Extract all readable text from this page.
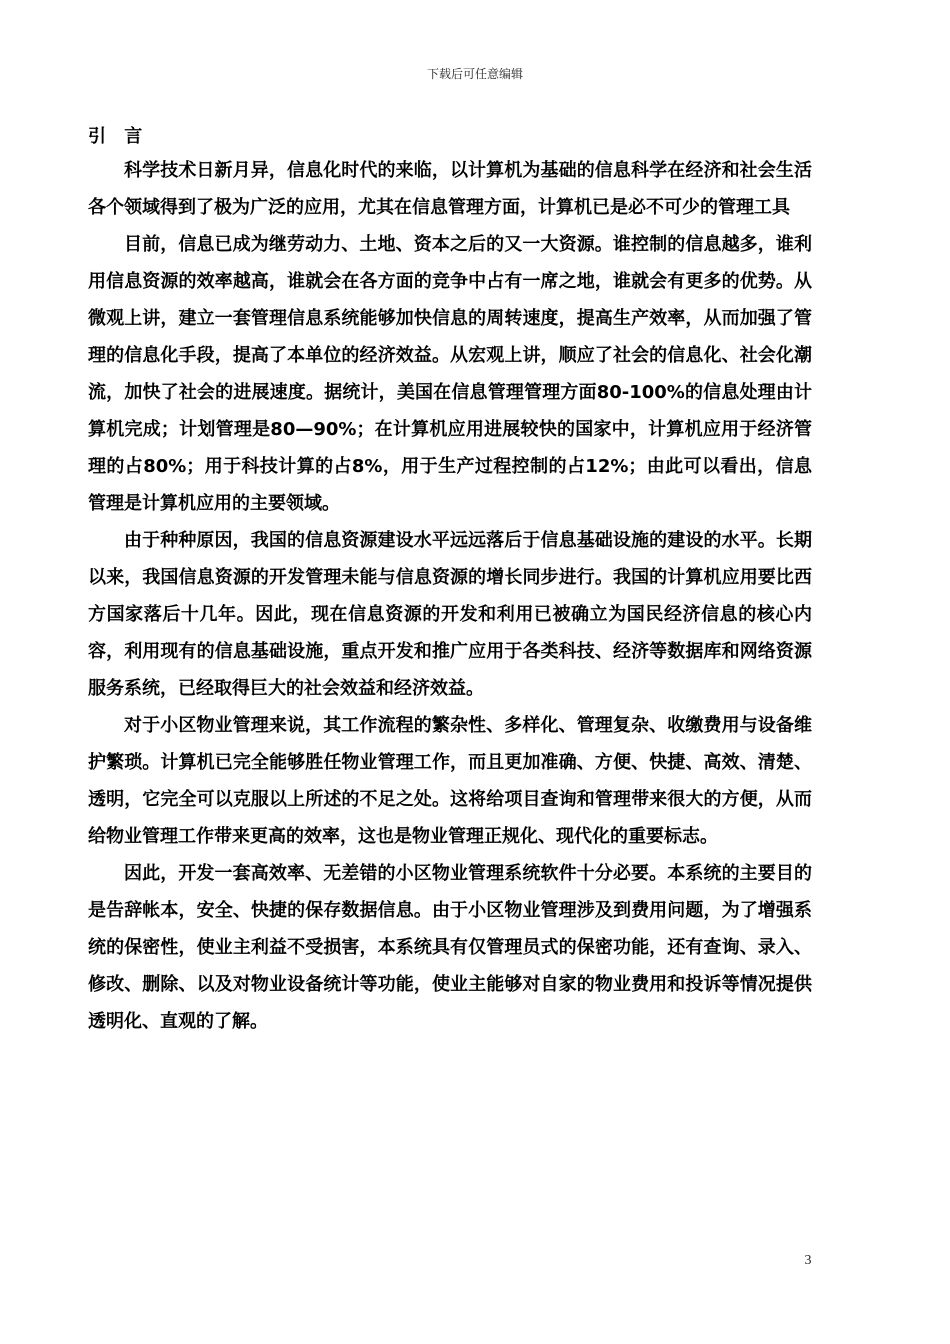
下载后可任意编辑
引 言

科学技术日新月异，信息化时代的来临，以计算机为基础的信息科学在经济和社会生活各个领域得到了极为广泛的应用，尤其在信息管理方面，计算机已是必不可少的管理工具

目前，信息已成为继劳动力、土地、资本之后的又一大资源。谁控制的信息越多，谁利用信息资源的效率越高，谁就会在各方面的竞争中占有一席之地，谁就会有更多的优势。从微观上讲，建立一套管理信息系统能够加快信息的周转速度，提高生产效率，从而加强了管理的信息化手段，提高了本单位的经济效益。从宏观上讲，顺应了社会的信息化、社会化潮流，加快了社会的进展速度。据统计，美国在信息管理管理方面80-100%的信息处理由计算机完成；计划管理是80—90%；在计算机应用进展较快的国家中，计算机应用于经济管理的占80%；用于科技计算的占8%，用于生产过程控制的占12%；由此可以看出，信息管理是计算机应用的主要领域。

由于种种原因，我国的信息资源建设水平远远落后于信息基础设施的建设的水平。长期以来，我国信息资源的开发管理未能与信息资源的增长同步进行。我国的计算机应用要比西方国家落后十几年。因此，现在信息资源的开发和利用已被确立为国民经济信息的核心内容，利用现有的信息基础设施，重点开发和推广应用于各类科技、经济等数据库和网络资源服务系统，已经取得巨大的社会效益和经济效益。

对于小区物业管理来说，其工作流程的繁杂性、多样化、管理复杂、收缴费用与设备维护繁琐。计算机已完全能够胜任物业管理工作，而且更加准确、方便、快捷、高效、清楚、透明，它完全可以克服以上所述的不足之处。这将给项目查询和管理带来很大的方便，从而给物业管理工作带来更高的效率，这也是物业管理正规化、现代化的重要标志。

因此，开发一套高效率、无差错的小区物业管理系统软件十分必要。本系统的主要目的是告辞帐本，安全、快捷的保存数据信息。由于小区物业管理涉及到费用问题，为了增强系统的保密性，使业主利益不受损害，本系统具有仅管理员式的保密功能，还有查询、录入、修改、删除、以及对物业设备统计等功能，使业主能够对自家的物业费用和投诉等情况提供透明化、直观的了解。

3
